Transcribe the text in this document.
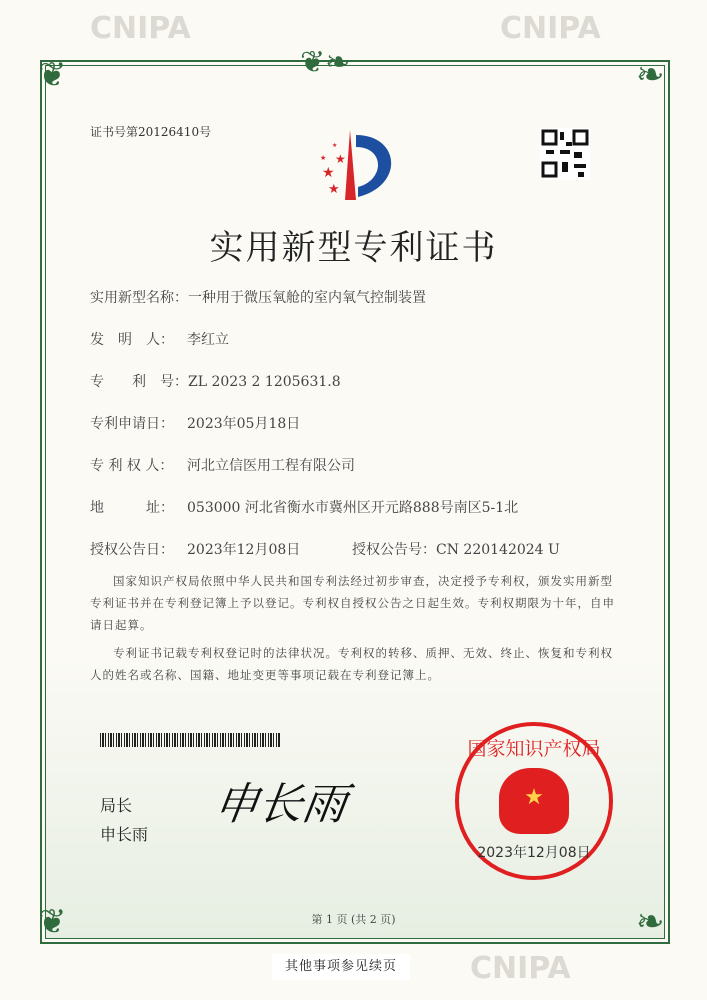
❦❧
❦	❧
❦	❧
CNIPA	CNIPA
CNIPA
证书号第20126410号
★
★
★
★
★
实用新型专利证书
实用新型名称：一种用于微压氧舱的室内氧气控制装置
发　明　人： 李红立
专　　利　号：ZL 2023 2 1205631.8
专利申请日： 2023年05月18日
专 利 权 人： 河北立信医用工程有限公司
地　　　址： 053000 河北省衡水市冀州区开元路888号南区5-1北
授权公告日： 2023年12月08日	授权公告号：CN 220142024 U
国家知识产权局依照中华人民共和国专利法经过初步审查，决定授予专利权，颁发实用新型专利证书并在专利登记簿上予以登记。专利权自授权公告之日起生效。专利权期限为十年，自申请日起算。
专利证书记载专利权登记时的法律状况。专利权的转移、质押、无效、终止、恢复和专利权人的姓名或名称、国籍、地址变更等事项记载在专利登记簿上。
局长
申长雨
申长雨
国家知识产权局
★
2023年12月08日
第 1 页 (共 2 页)
其他事项参见续页
